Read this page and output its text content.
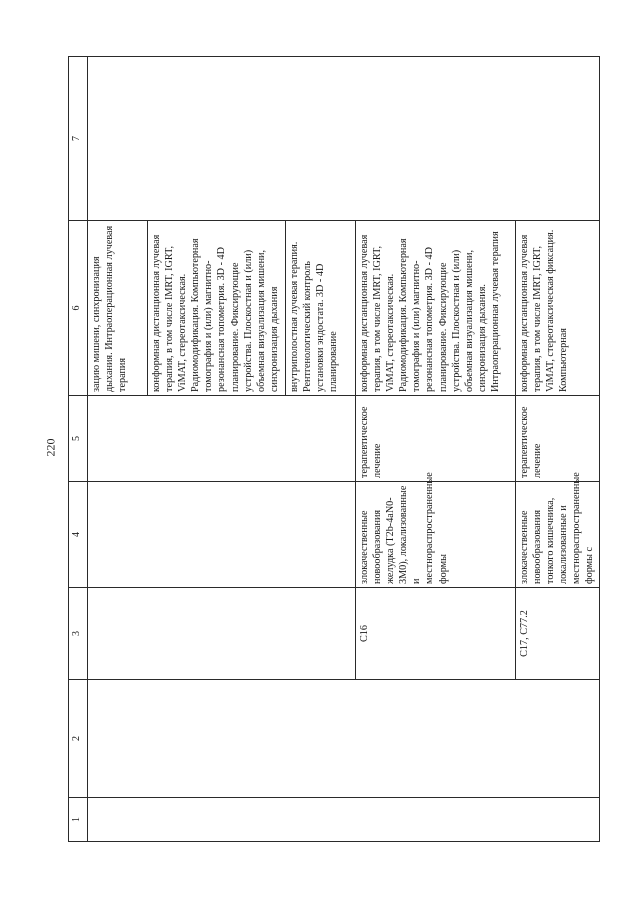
220
1	2	3	4	5	6	7
					зацию мишени, синхронизация дыхания. Интраоперационная лучевая терапия	
					конформная дистанционная лучевая терапия, в том числе IMRT, IGRT, ViMAT, стереотаксическая. Радиомодификация. Компьютерная томография и (или) магнитно-резонансная топометрия. 3D - 4D планирование. Фиксирующие устройства. Плоскостная и (или) объемная визуализация мишени, синхронизация дыхания	
					внутриполостная лучевая терапия. Рентгенологический контроль установки эндостата. 3D - 4D планирование	
		C16	злокачественные новообразования желудка (T2b-4aN0-3M0), локализованные и местнораспространенные формы	терапевтическое лечение	конформная дистанционная лучевая терапия, в том числе IMRT, IGRT, ViMAT, стереотаксическая. Радиомодификация. Компьютерная томография и (или) магнитно-резонансная топометрия. 3D - 4D планирование. Фиксирующие устройства. Плоскостная и (или) объемная визуализация мишени, синхронизация дыхания. Интраоперационная лучевая терапия	
		C17, C77.2	злокачественные новообразования тонкого кишечника, локализованные и местнораспространенные формы с	терапевтическое лечение	конформная дистанционная лучевая терапия, в том числе IMRT, IGRT, ViMAT, стереотаксическая фиксация. Компьютерная	
